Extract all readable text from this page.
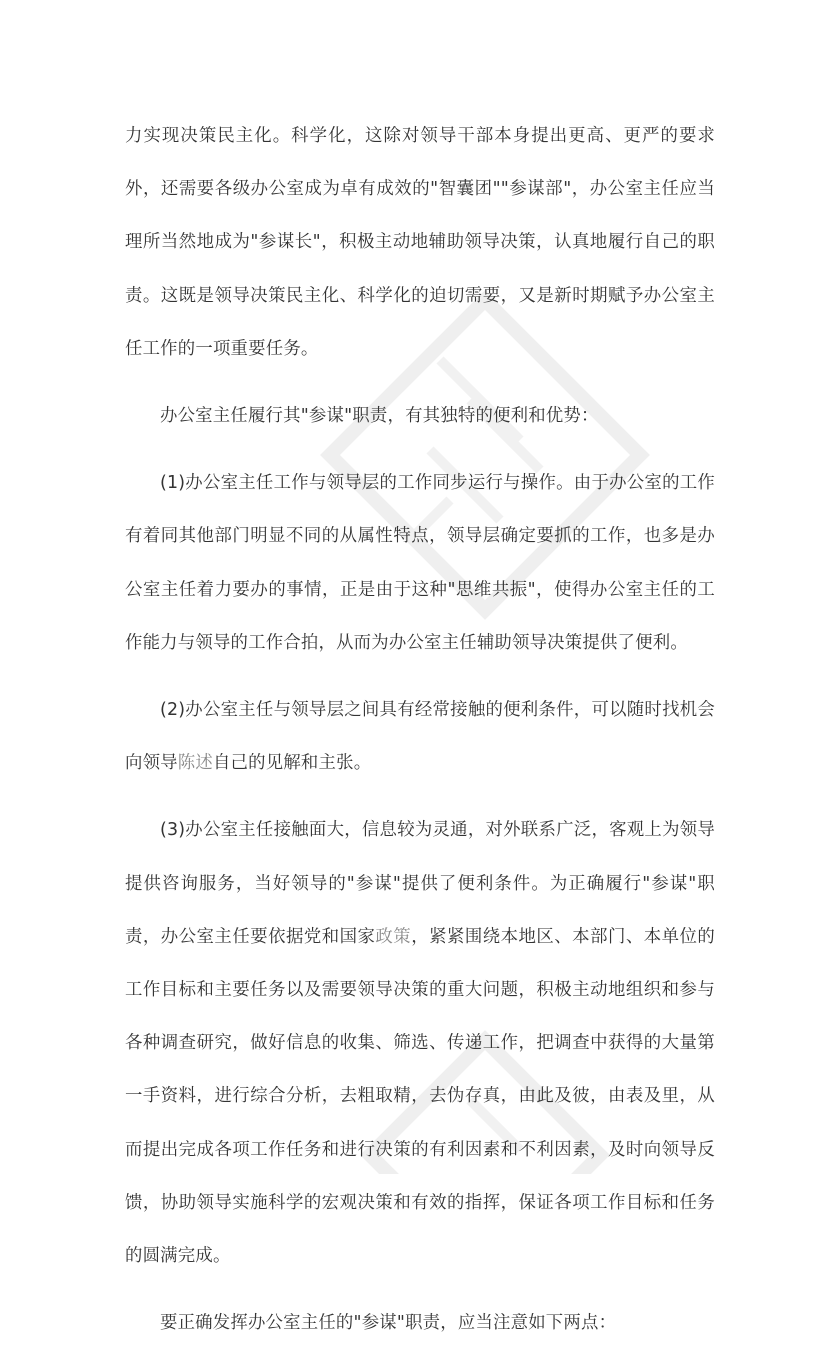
力实现决策民主化。科学化，这除对领导干部本身提出更高、更严的要求外，还需要各级办公室成为卓有成效的"智囊团""参谋部"，办公室主任应当理所当然地成为"参谋长"，积极主动地辅助领导决策，认真地履行自己的职责。这既是领导决策民主化、科学化的迫切需要，又是新时期赋予办公室主任工作的一项重要任务。

办公室主任履行其"参谋"职责，有其独特的便利和优势：

(1)办公室主任工作与领导层的工作同步运行与操作。由于办公室的工作有着同其他部门明显不同的从属性特点，领导层确定要抓的工作，也多是办公室主任着力要办的事情，正是由于这种"思维共振"，使得办公室主任的工作能力与领导的工作合拍，从而为办公室主任辅助领导决策提供了便利。

(2)办公室主任与领导层之间具有经常接触的便利条件，可以随时找机会向领导陈述自己的见解和主张。

(3)办公室主任接触面大，信息较为灵通，对外联系广泛，客观上为领导提供咨询服务，当好领导的"参谋"提供了便利条件。为正确履行"参谋"职责，办公室主任要依据党和国家政策，紧紧围绕本地区、本部门、本单位的工作目标和主要任务以及需要领导决策的重大问题，积极主动地组织和参与各种调查研究，做好信息的收集、筛选、传递工作，把调查中获得的大量第一手资料，进行综合分析，去粗取精，去伪存真，由此及彼，由表及里，从而提出完成各项工作任务和进行决策的有利因素和不利因素，及时向领导反馈，协助领导实施科学的宏观决策和有效的指挥，保证各项工作目标和任务的圆满完成。

要正确发挥办公室主任的"参谋"职责，应当注意如下两点：
